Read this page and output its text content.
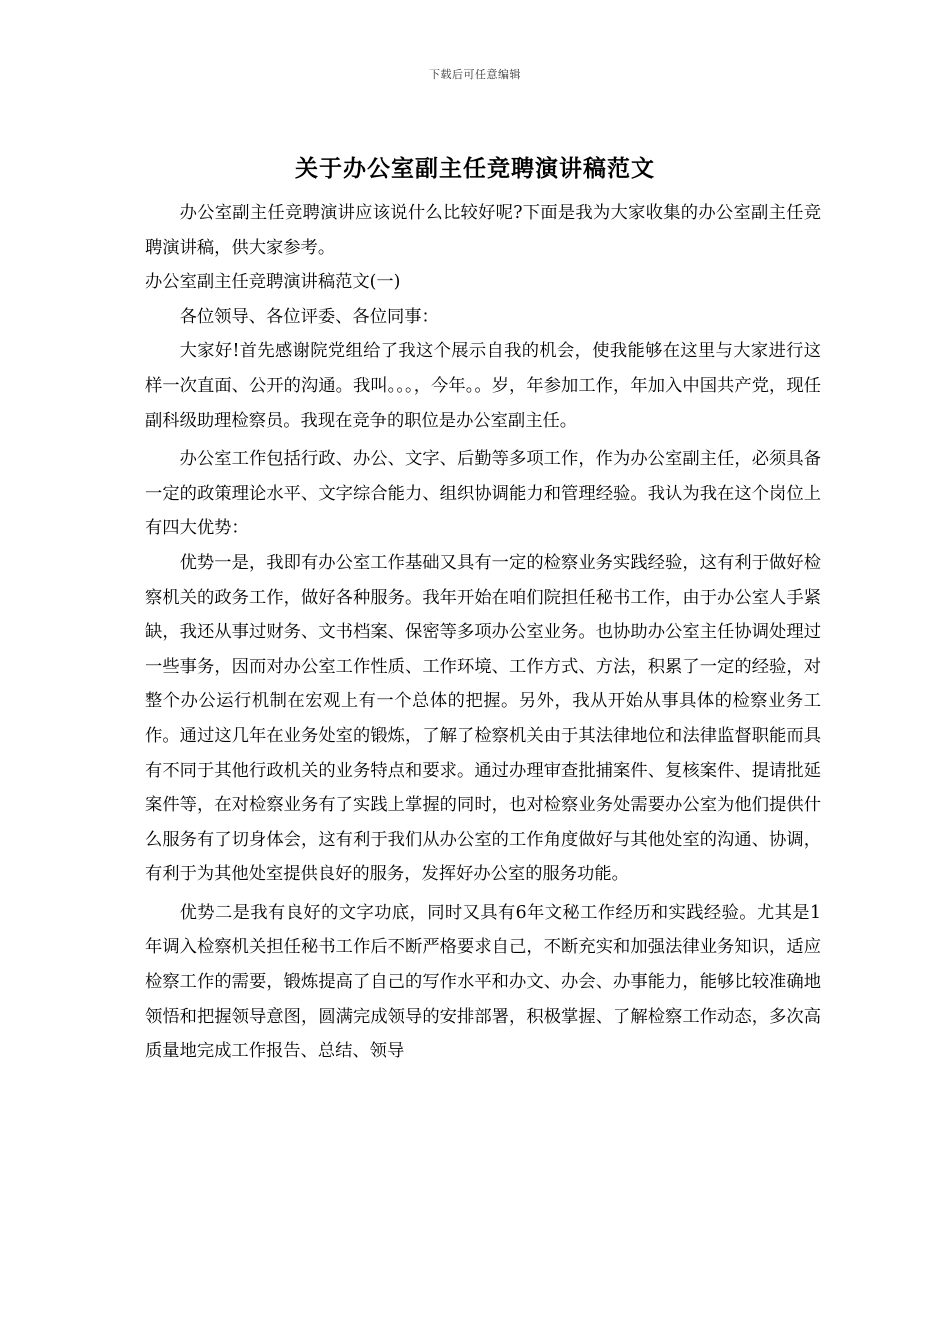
下载后可任意编辑
关于办公室副主任竞聘演讲稿范文

办公室副主任竞聘演讲应该说什么比较好呢?下面是我为大家收集的办公室副主任竞聘演讲稿，供大家参考。

办公室副主任竞聘演讲稿范文(一)

各位领导、各位评委、各位同事：

大家好!首先感谢院党组给了我这个展示自我的机会，使我能够在这里与大家进行这样一次直面、公开的沟通。我叫。。。，今年。。岁，年参加工作，年加入中国共产党，现任副科级助理检察员。我现在竞争的职位是办公室副主任。

办公室工作包括行政、办公、文字、后勤等多项工作，作为办公室副主任，必须具备一定的政策理论水平、文字综合能力、组织协调能力和管理经验。我认为我在这个岗位上有四大优势：

优势一是，我即有办公室工作基础又具有一定的检察业务实践经验，这有利于做好检察机关的政务工作，做好各种服务。我年开始在咱们院担任秘书工作，由于办公室人手紧缺，我还从事过财务、文书档案、保密等多项办公室业务。也协助办公室主任协调处理过一些事务，因而对办公室工作性质、工作环境、工作方式、方法，积累了一定的经验，对整个办公运行机制在宏观上有一个总体的把握。另外，我从开始从事具体的检察业务工作。通过这几年在业务处室的锻炼，了解了检察机关由于其法律地位和法律监督职能而具有不同于其他行政机关的业务特点和要求。通过办理审查批捕案件、复核案件、提请批延案件等，在对检察业务有了实践上掌握的同时，也对检察业务处需要办公室为他们提供什么服务有了切身体会，这有利于我们从办公室的工作角度做好与其他处室的沟通、协调，有利于为其他处室提供良好的服务，发挥好办公室的服务功能。

优势二是我有良好的文字功底，同时又具有6年文秘工作经历和实践经验。尤其是1年调入检察机关担任秘书工作后不断严格要求自己，不断充实和加强法律业务知识，适应检察工作的需要，锻炼提高了自己的写作水平和办文、办会、办事能力，能够比较准确地领悟和把握领导意图，圆满完成领导的安排部署，积极掌握、了解检察工作动态，多次高质量地完成工作报告、总结、领导
